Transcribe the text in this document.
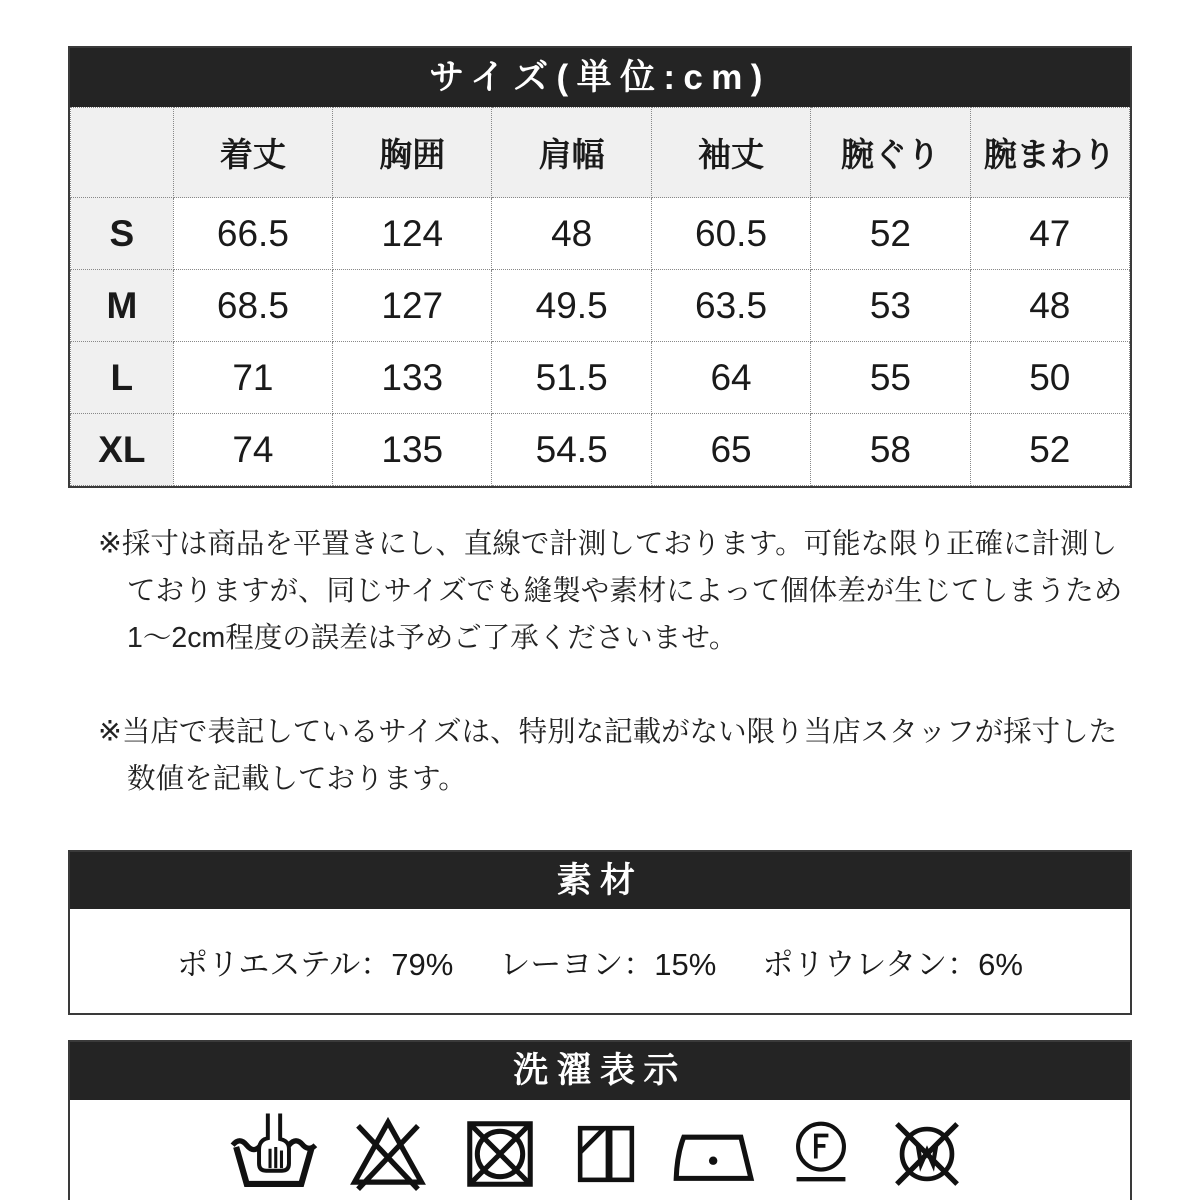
サイズ(単位:cm)
	着丈	胸囲	肩幅	袖丈	腕ぐり	腕まわり
S	66.5	124	48	60.5	52	47
M	68.5	127	49.5	63.5	53	48
L	71	133	51.5	64	55	50
XL	74	135	54.5	65	58	52
※採寸は商品を平置きにし、直線で計測しております。可能な限り正確に計測し
ておりますが、同じサイズでも縫製や素材によって個体差が生じてしまうため
1〜2cm程度の誤差は予めご了承くださいませ。
※当店で表記しているサイズは、特別な記載がない限り当店スタッフが採寸した
数値を記載しております。
素材
ポリエステル：79% レーヨン：15% ポリウレタン：6%
洗濯表示
